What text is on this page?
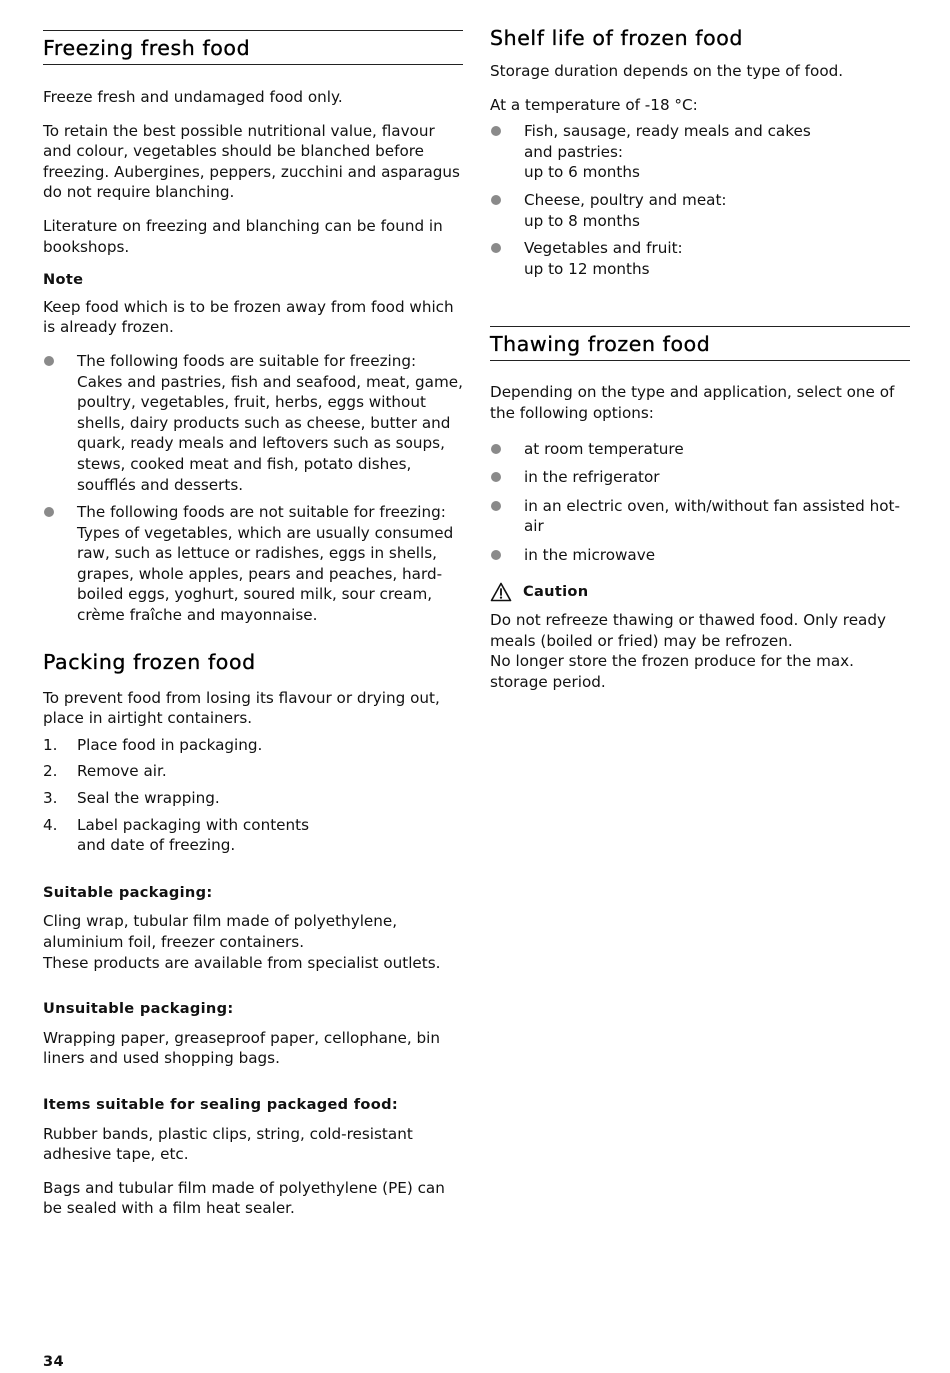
Freezing fresh food

Freeze fresh and undamaged food only.

To retain the best possible nutritional value, flavour and colour, vegetables should be blanched before freezing. Aubergines, peppers, zucchini and asparagus do not require blanching.

Literature on freezing and blanching can be found in bookshops.

Note

Keep food which is to be frozen away from food which is already frozen.

The following foods are suitable for freezing: Cakes and pastries, fish and seafood, meat, game, poultry, vegetables, fruit, herbs, eggs without shells, dairy products such as cheese, butter and quark, ready meals and leftovers such as soups, stews, cooked meat and fish, potato dishes, soufflés and desserts.
The following foods are not suitable for freezing: Types of vegetables, which are usually consumed raw, such as lettuce or radishes, eggs in shells, grapes, whole apples, pears and peaches, hard-boiled eggs, yoghurt, soured milk, sour cream, crème fraîche and mayonnaise.
Packing frozen food

To prevent food from losing its flavour or drying out, place in airtight containers.

1. Place food in packaging.
2. Remove air.
3. Seal the wrapping.
4. Label packaging with contents
and date of freezing.

Suitable packaging:

Cling wrap, tubular film made of polyethylene, aluminium foil, freezer containers.
These products are available from specialist outlets.

Unsuitable packaging:

Wrapping paper, greaseproof paper, cellophane, bin liners and used shopping bags.

Items suitable for sealing packaged food:

Rubber bands, plastic clips, string, cold-resistant adhesive tape, etc.

Bags and tubular film made of polyethylene (PE) can be sealed with a film heat sealer.

Shelf life of frozen food

Storage duration depends on the type of food.

At a temperature of -18 °C:

Fish, sausage, ready meals and cakes
and pastries:
up to 6 months
Cheese, poultry and meat:
up to 8 months
Vegetables and fruit:
up to 12 months
Thawing frozen food

Depending on the type and application, select one of the following options:

at room temperature
in the refrigerator
in an electric oven, with/without fan assisted hot-air
in the microwave
Caution

Do not refreeze thawing or thawed food. Only ready meals (boiled or fried) may be refrozen.
No longer store the frozen produce for the max. storage period.

34
